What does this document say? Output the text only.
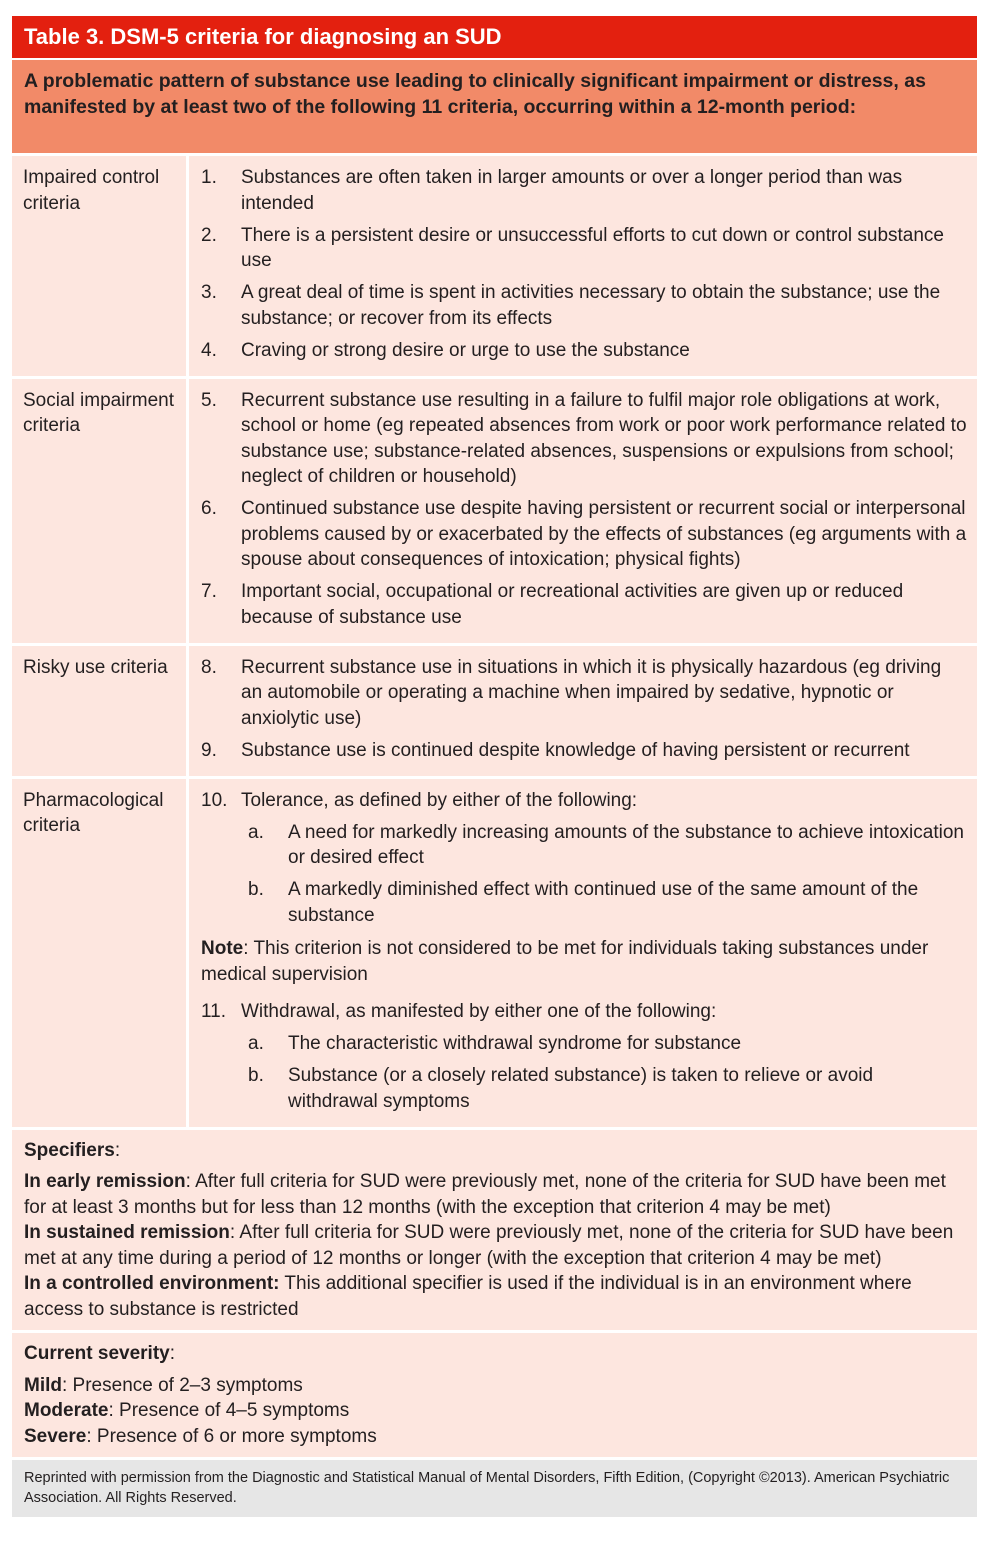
Table 3. DSM-5 criteria for diagnosing an SUD
A problematic pattern of substance use leading to clinically significant impairment or distress, as manifested by at least two of the following 11 criteria, occurring within a 12-month period:
Impaired control criteria
1.	Substances are often taken in larger amounts or over a longer period than was intended
2.	There is a persistent desire or unsuccessful efforts to cut down or control substance use
3.	A great deal of time is spent in activities necessary to obtain the substance; use the substance; or recover from its effects
4.	Craving or strong desire or urge to use the substance
Social impairment criteria
5.	Recurrent substance use resulting in a failure to fulfil major role obligations at work, school or home (eg repeated absences from work or poor work performance related to substance use; substance-related absences, suspensions or expulsions from school; neglect of children or household)
6.	Continued substance use despite having persistent or recurrent social or interpersonal problems caused by or exacerbated by the effects of substances (eg arguments with a spouse about consequences of intoxication; physical fights)
7.	Important social, occupational or recreational activities are given up or reduced because of substance use
Risky use criteria	8.	Recurrent substance use in situations in which it is physically hazardous (eg driving an automobile or operating a machine when impaired by sedative, hypnotic or anxiolytic use)
9.	Substance use is continued despite knowledge of having persistent or recurrent
Pharmacological criteria
10. Tolerance, as defined by either of the following:
a.	A need for markedly increasing amounts of the substance to achieve intoxication or desired effect
b.	A markedly diminished effect with continued use of the same amount of the substance
Note: This criterion is not considered to be met for individuals taking substances under medical supervision
11. Withdrawal, as manifested by either one of the following:
a.	The characteristic withdrawal syndrome for substance
b.	Substance (or a closely related substance) is taken to relieve or avoid withdrawal symptoms
Specifiers:
In early remission: After full criteria for SUD were previously met, none of the criteria for SUD have been met for at least 3 months but for less than 12 months (with the exception that criterion 4 may be met)
In sustained remission: After full criteria for SUD were previously met, none of the criteria for SUD have been met at any time during a period of 12 months or longer (with the exception that criterion 4 may be met)
In a controlled environment: This additional specifier is used if the individual is in an environment where access to substance is restricted
Current severity:
Mild: Presence of 2–3 symptoms
Moderate: Presence of 4–5 symptoms
Severe: Presence of 6 or more symptoms
Reprinted with permission from the Diagnostic and Statistical Manual of Mental Disorders, Fifth Edition, (Copyright ©2013). American Psychiatric Association. All Rights Reserved.
